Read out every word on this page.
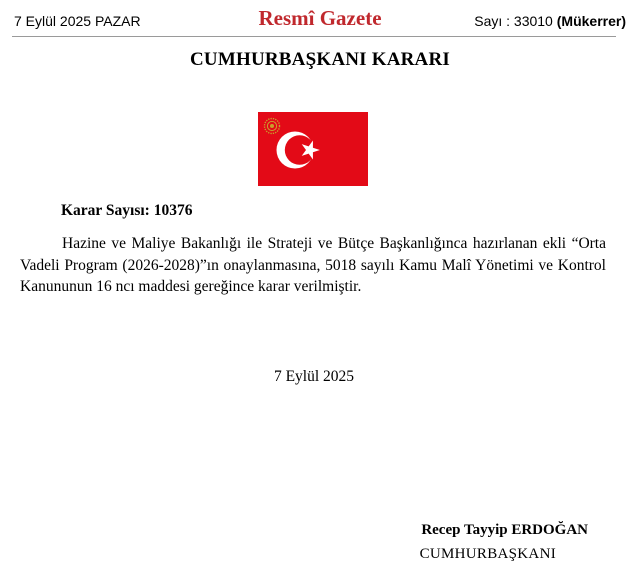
7 Eylül 2025 PAZAR	Resmî Gazete	Sayı : 33010 (Mükerrer)
CUMHURBAŞKANI KARARI
Karar Sayısı: 10376

Hazine ve Maliye Bakanlığı ile Strateji ve Bütçe Başkanlığınca hazırlanan ekli “Orta Vadeli Program (2026-2028)”ın onaylanmasına, 5018 sayılı Kamu Malî Yönetimi ve Kontrol Kanununun 16 ncı maddesi gereğince karar verilmiştir.

7 Eylül 2025
Recep Tayyip ERDOĞAN
CUMHURBAŞKANI
